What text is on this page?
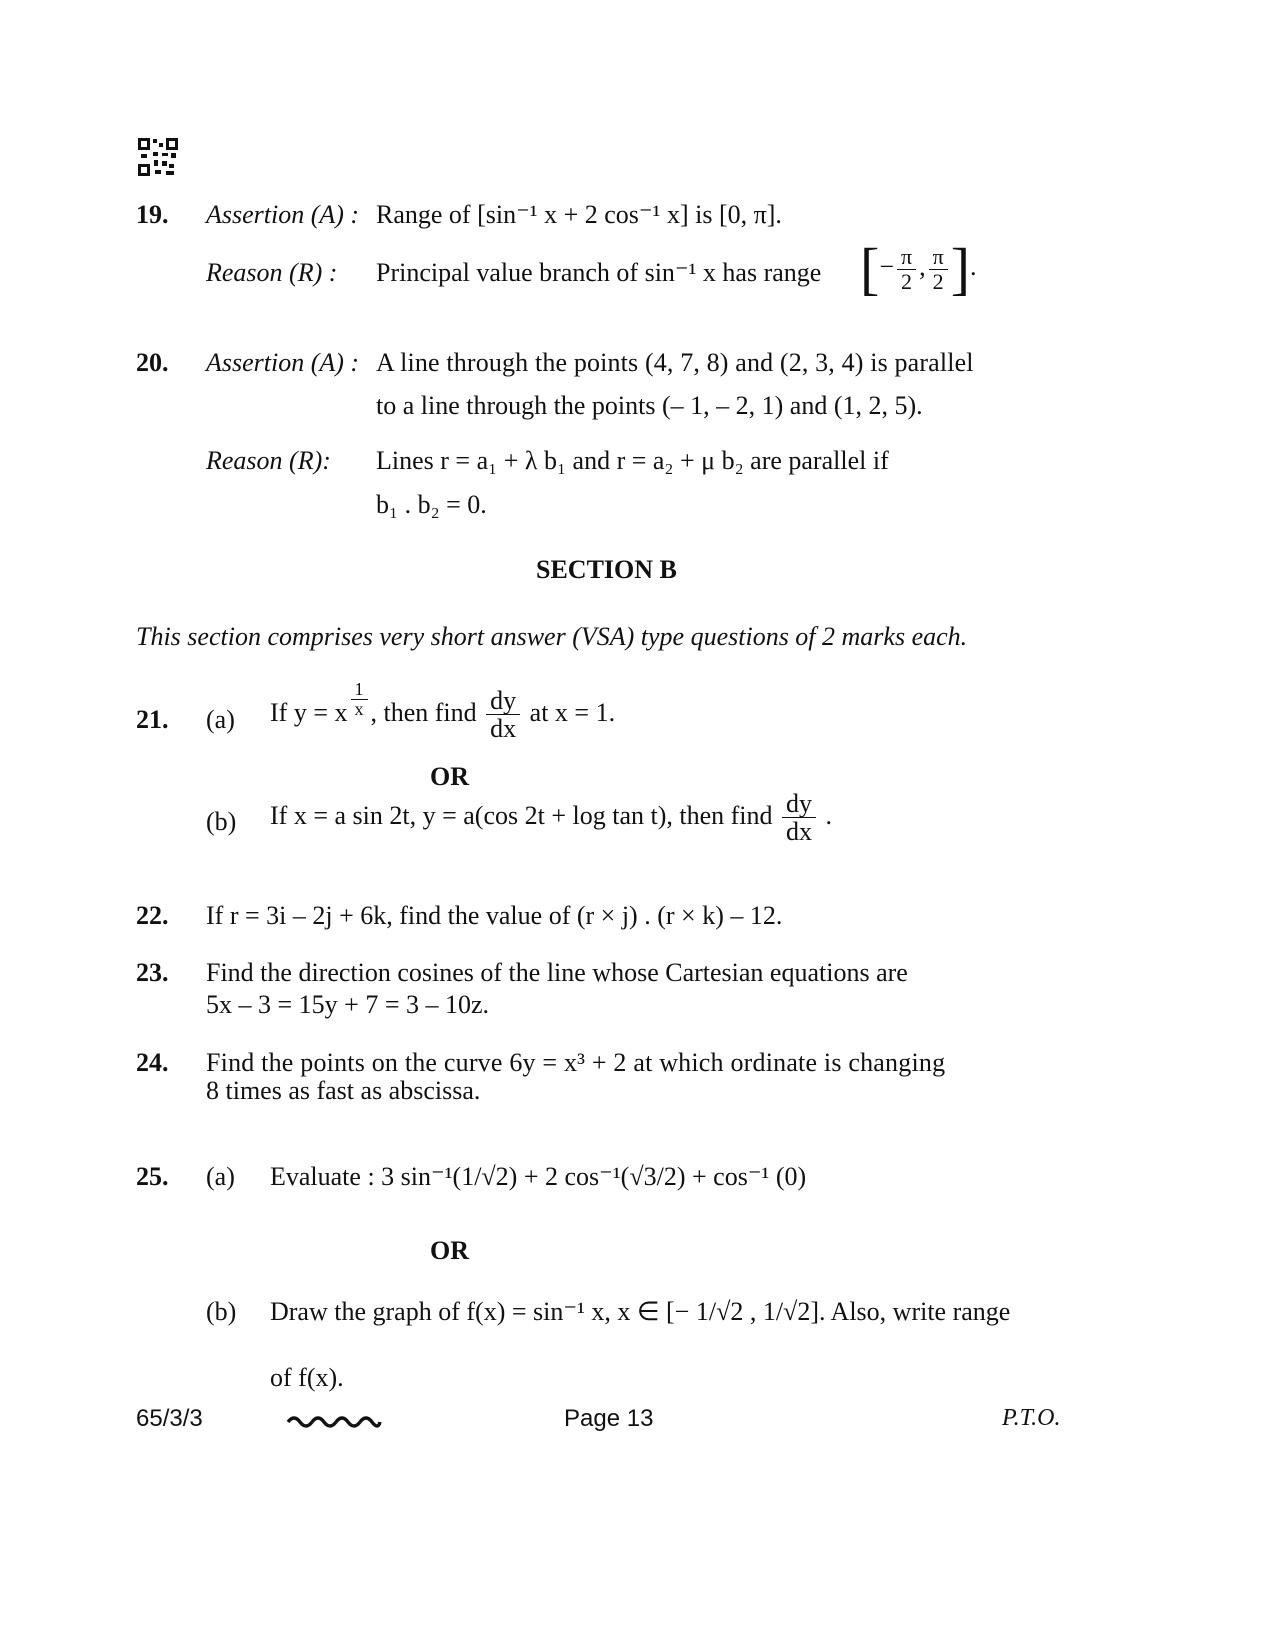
19. Assertion (A) : Range of [sin⁻¹ x + 2 cos⁻¹ x] is [0, π].
Reason (R) : Principal value branch of sin⁻¹ x has range [− $\frac{\pi}{2}$ , $\frac{\pi}{2}$ ].
20. Assertion (A) : A line through the points (4, 7, 8) and (2, 3, 4) is parallel
to a line through the points (– 1, – 2, 1) and (1, 2, 5).
Reason (R): Lines r = a₁ + λ b₁ and r = a₂ + μ b₂ are parallel if
b₁ . b₂ = 0.
SECTION B
This section comprises very short answer (VSA) type questions of 2 marks each.
21. (a) If y = x $^{\frac{1}{x}}$ , then find $\frac{dy}{dx}$ at x = 1.
OR
(b) If x = a sin 2t, y = a(cos 2t + log tan t), then find $\frac{dy}{dx}$ .
22. If r = 3i – 2j + 6k, find the value of (r × j) . (r × k) – 12.
23. Find the direction cosines of the line whose Cartesian equations are
5x – 3 = 15y + 7 = 3 – 10z.
24. Find the points on the curve 6y = x³ + 2 at which ordinate is changing
8 times as fast as abscissa.
25. (a) Evaluate : 3 sin⁻¹(1/√2) + 2 cos⁻¹(√3/2) + cos⁻¹ (0)
OR
(b) Draw the graph of f(x) = sin⁻¹ x, x ∈ [− 1/√2 , 1/√2]. Also, write range
of f(x).
65/3/3	Page 13	P.T.O.
